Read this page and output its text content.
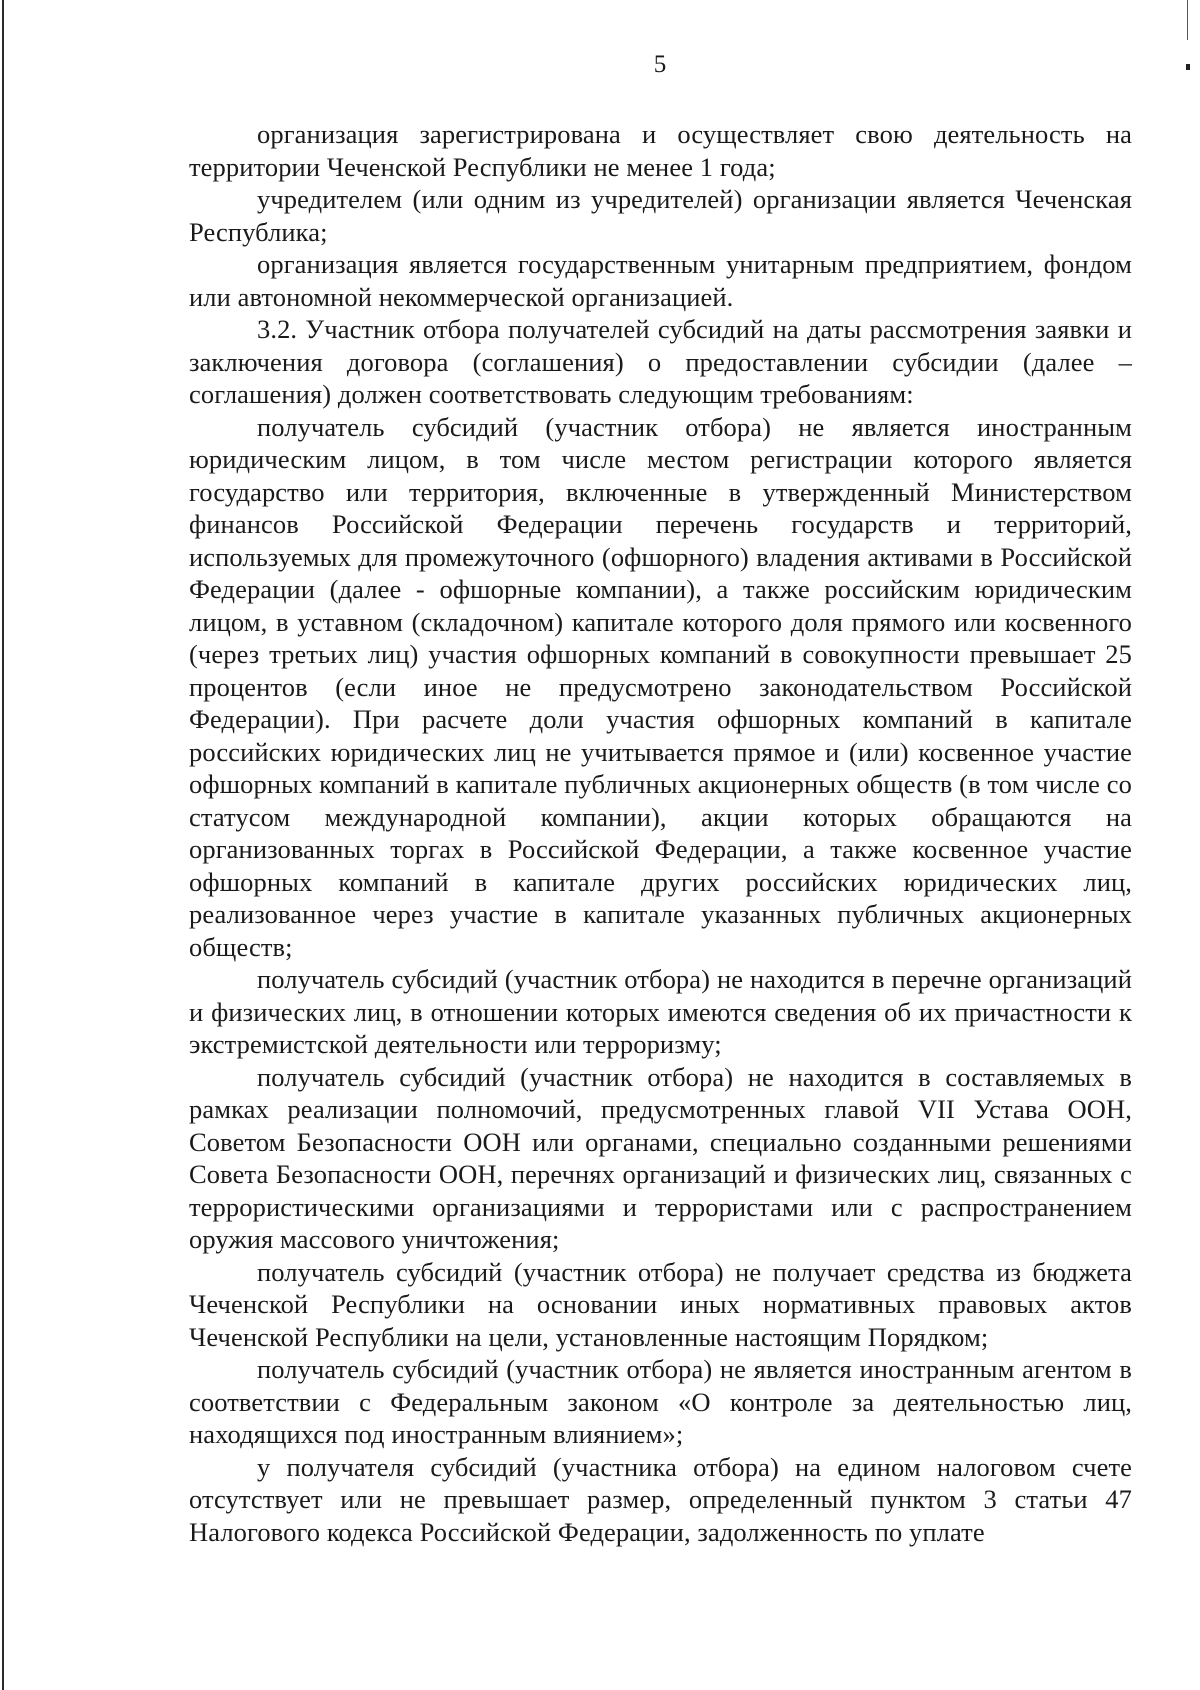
5

организация зарегистрирована и осуществляет свою деятельность на территории Чеченской Республики не менее 1 года;

учредителем (или одним из учредителей) организации является Чеченская Республика;

организация является государственным унитарным предприятием, фондом или автономной некоммерческой организацией.

3.2. Участник отбора получателей субсидий на даты рассмотрения заявки и заключения договора (соглашения) о предоставлении субсидии (далее – соглашения) должен соответствовать следующим требованиям:

получатель субсидий (участник отбора) не является иностранным юридическим лицом, в том числе местом регистрации которого является государство или территория, включенные в утвержденный Министерством финансов Российской Федерации перечень государств и территорий, используемых для промежуточного (офшорного) владения активами в Российской Федерации (далее - офшорные компании), а также российским юридическим лицом, в уставном (складочном) капитале которого доля прямого или косвенного (через третьих лиц) участия офшорных компаний в совокупности превышает 25 процентов (если иное не предусмотрено законодательством Российской Федерации). При расчете доли участия офшорных компаний в капитале российских юридических лиц не учитывается прямое и (или) косвенное участие офшорных компаний в капитале публичных акционерных обществ (в том числе со статусом международной компании), акции которых обращаются на организованных торгах в Российской Федерации, а также косвенное участие офшорных компаний в капитале других российских юридических лиц, реализованное через участие в капитале указанных публичных акционерных обществ;

получатель субсидий (участник отбора) не находится в перечне организаций и физических лиц, в отношении которых имеются сведения об их причастности к экстремистской деятельности или терроризму;

получатель субсидий (участник отбора) не находится в составляемых в рамках реализации полномочий, предусмотренных главой VII Устава ООН, Советом Безопасности ООН или органами, специально созданными решениями Совета Безопасности ООН, перечнях организаций и физических лиц, связанных с террористическими организациями и террористами или с распространением оружия массового уничтожения;

получатель субсидий (участник отбора) не получает средства из бюджета Чеченской Республики на основании иных нормативных правовых актов Чеченской Республики на цели, установленные настоящим Порядком;

получатель субсидий (участник отбора) не является иностранным агентом в соответствии с Федеральным законом «О контроле за деятельностью лиц, находящихся под иностранным влиянием»;

у получателя субсидий (участника отбора) на едином налоговом счете отсутствует или не превышает размер, определенный пунктом 3 статьи 47 Налогового кодекса Российской Федерации, задолженность по уплате
